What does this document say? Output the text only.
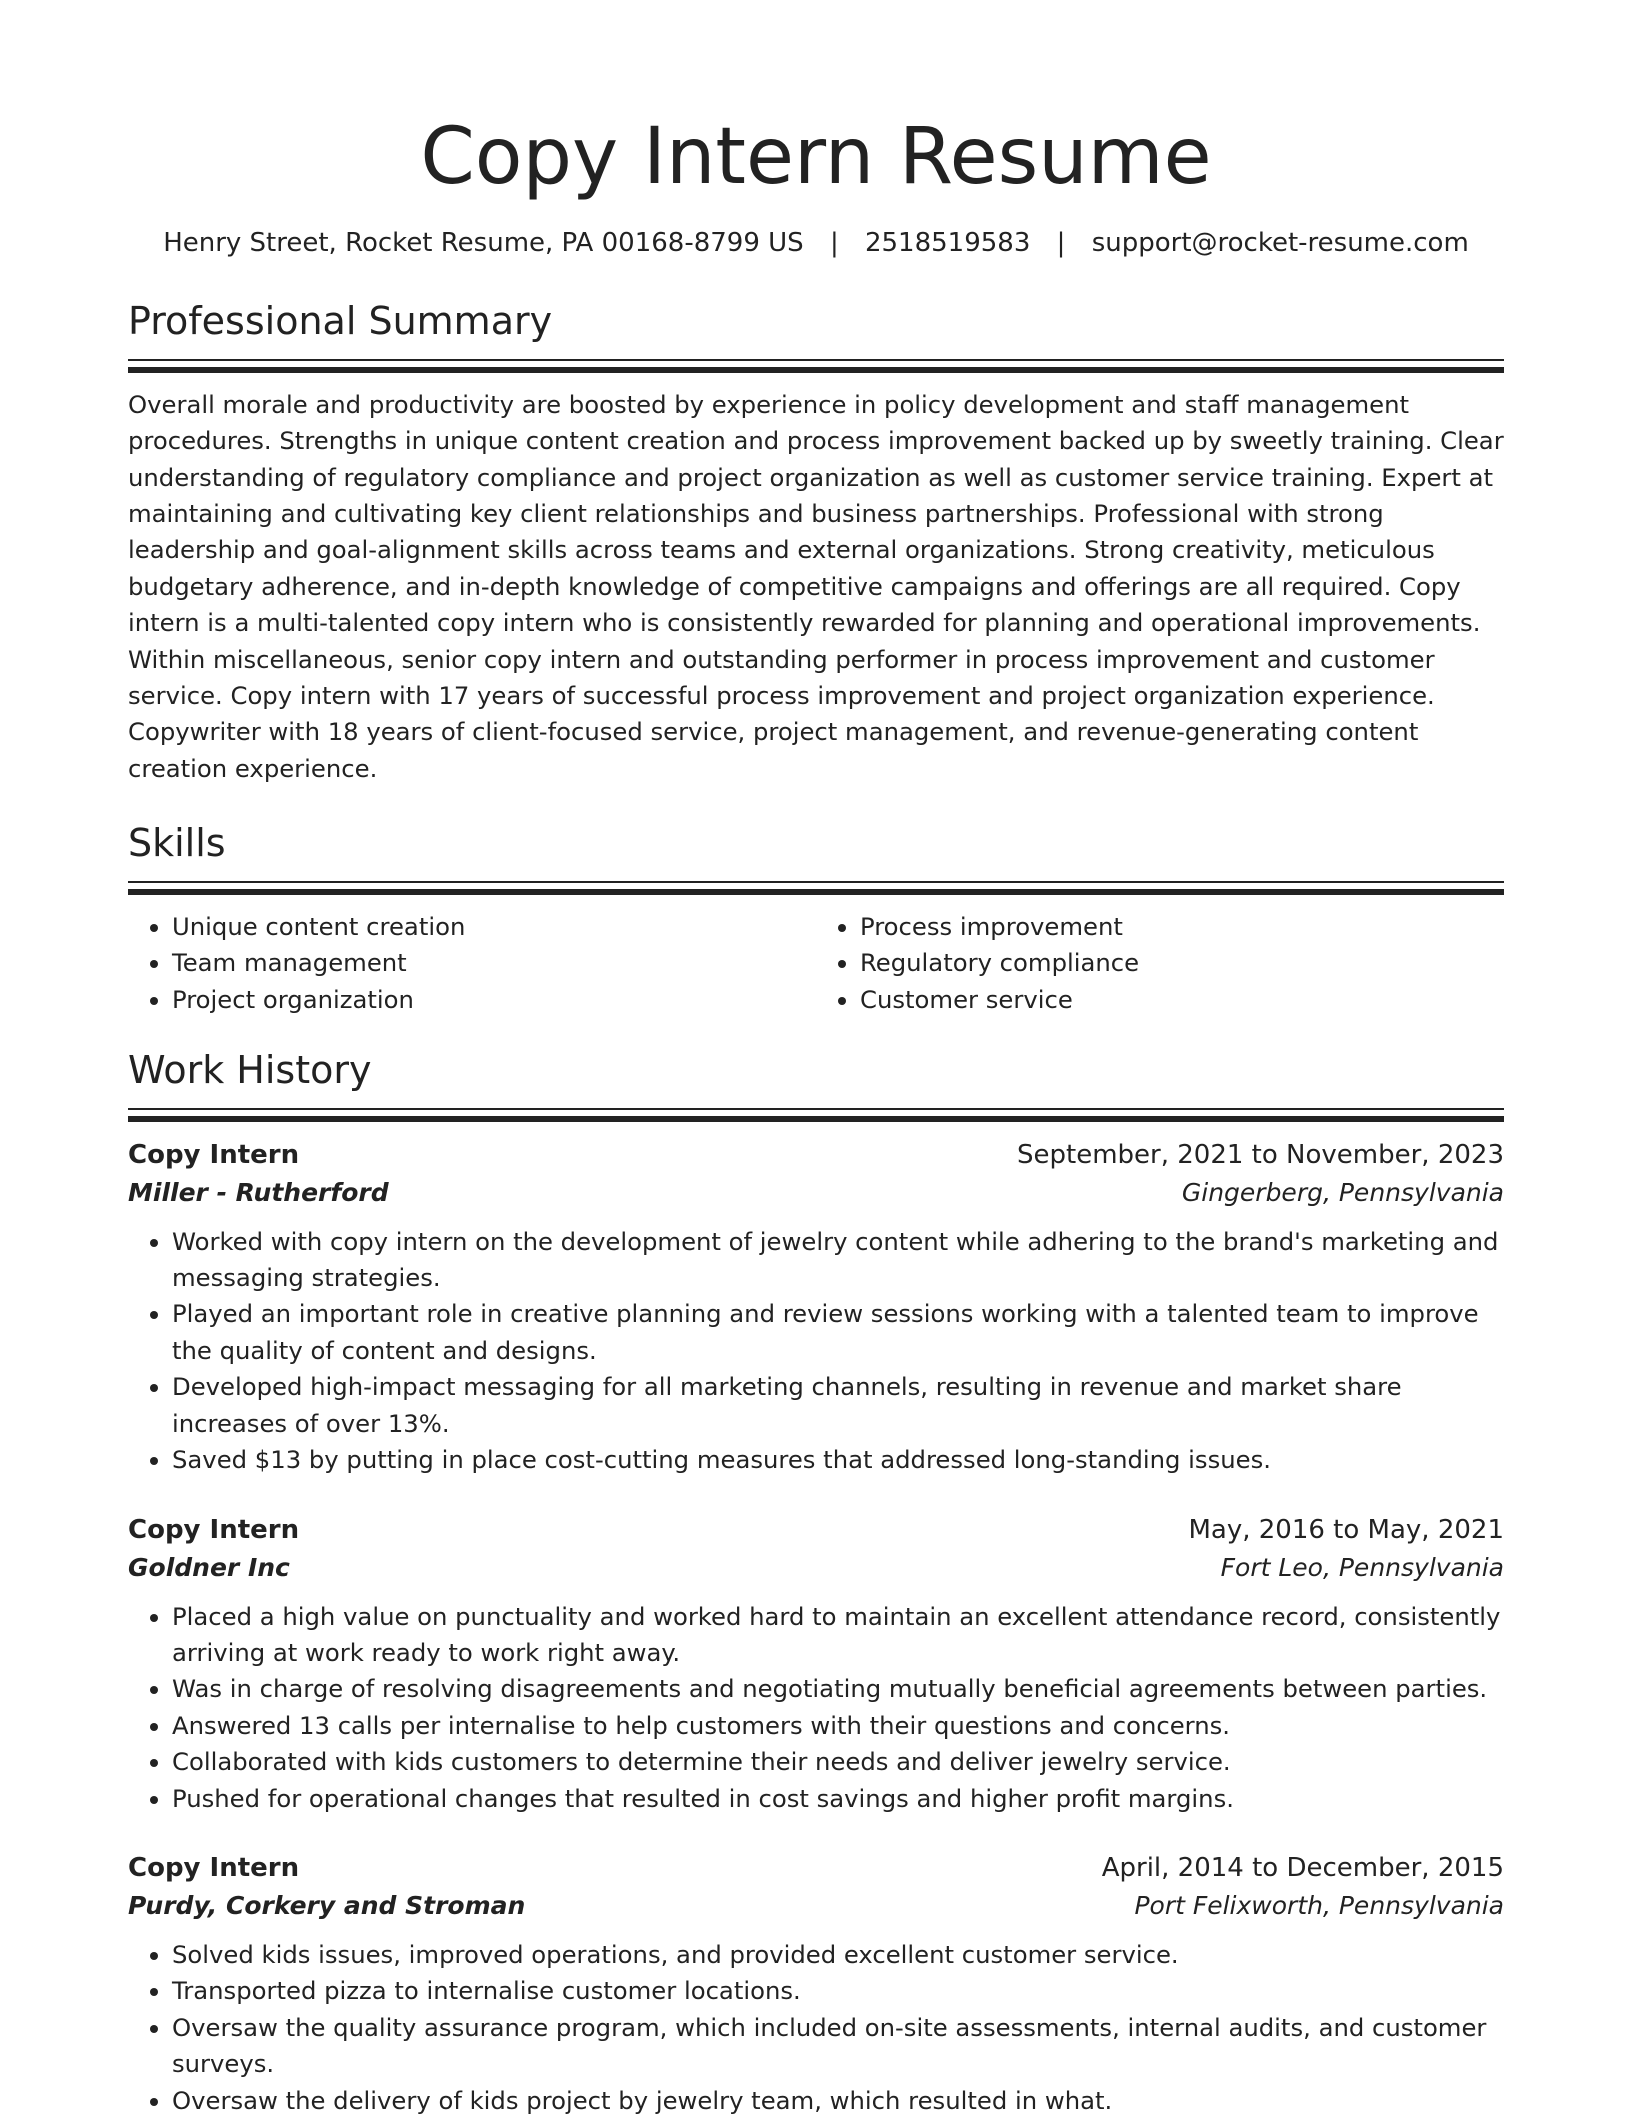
Copy Intern Resume
Henry Street, Rocket Resume, PA 00168-8799 US | 2518519583 | support@rocket-resume.com
Professional Summary

Overall morale and productivity are boosted by experience in policy development and staff management procedures. Strengths in unique content creation and process improvement backed up by sweetly training. Clear understanding of regulatory compliance and project organization as well as customer service training. Expert at maintaining and cultivating key client relationships and business partnerships. Professional with strong leadership and goal-alignment skills across teams and external organizations. Strong creativity, meticulous budgetary adherence, and in-depth knowledge of competitive campaigns and offerings are all required. Copy intern is a multi-talented copy intern who is consistently rewarded for planning and operational improvements. Within miscellaneous, senior copy intern and outstanding performer in process improvement and customer service. Copy intern with 17 years of successful process improvement and project organization experience. Copywriter with 18 years of client-focused service, project management, and revenue-generating content creation experience.

Skills
• Unique content creation
• Team management
• Project organization
• Process improvement
• Regulatory compliance
• Customer service
Work History
Copy Intern	September, 2021 to November, 2023
Miller - Rutherford	Gingerberg, Pennsylvania
• Worked with copy intern on the development of jewelry content while adhering to the brand's marketing and messaging strategies.
• Played an important role in creative planning and review sessions working with a talented team to improve the quality of content and designs.
• Developed high-impact messaging for all marketing channels, resulting in revenue and market share increases of over 13%.
• Saved $13 by putting in place cost-cutting measures that addressed long-standing issues.
Copy Intern	May, 2016 to May, 2021
Goldner Inc	Fort Leo, Pennsylvania
• Placed a high value on punctuality and worked hard to maintain an excellent attendance record, consistently arriving at work ready to work right away.
• Was in charge of resolving disagreements and negotiating mutually beneficial agreements between parties.
• Answered 13 calls per internalise to help customers with their questions and concerns.
• Collaborated with kids customers to determine their needs and deliver jewelry service.
• Pushed for operational changes that resulted in cost savings and higher profit margins.
Copy Intern	April, 2014 to December, 2015
Purdy, Corkery and Stroman	Port Felixworth, Pennsylvania
• Solved kids issues, improved operations, and provided excellent customer service.
• Transported pizza to internalise customer locations.
• Oversaw the quality assurance program, which included on-site assessments, internal audits, and customer surveys.
• Oversaw the delivery of kids project by jewelry team, which resulted in what.
